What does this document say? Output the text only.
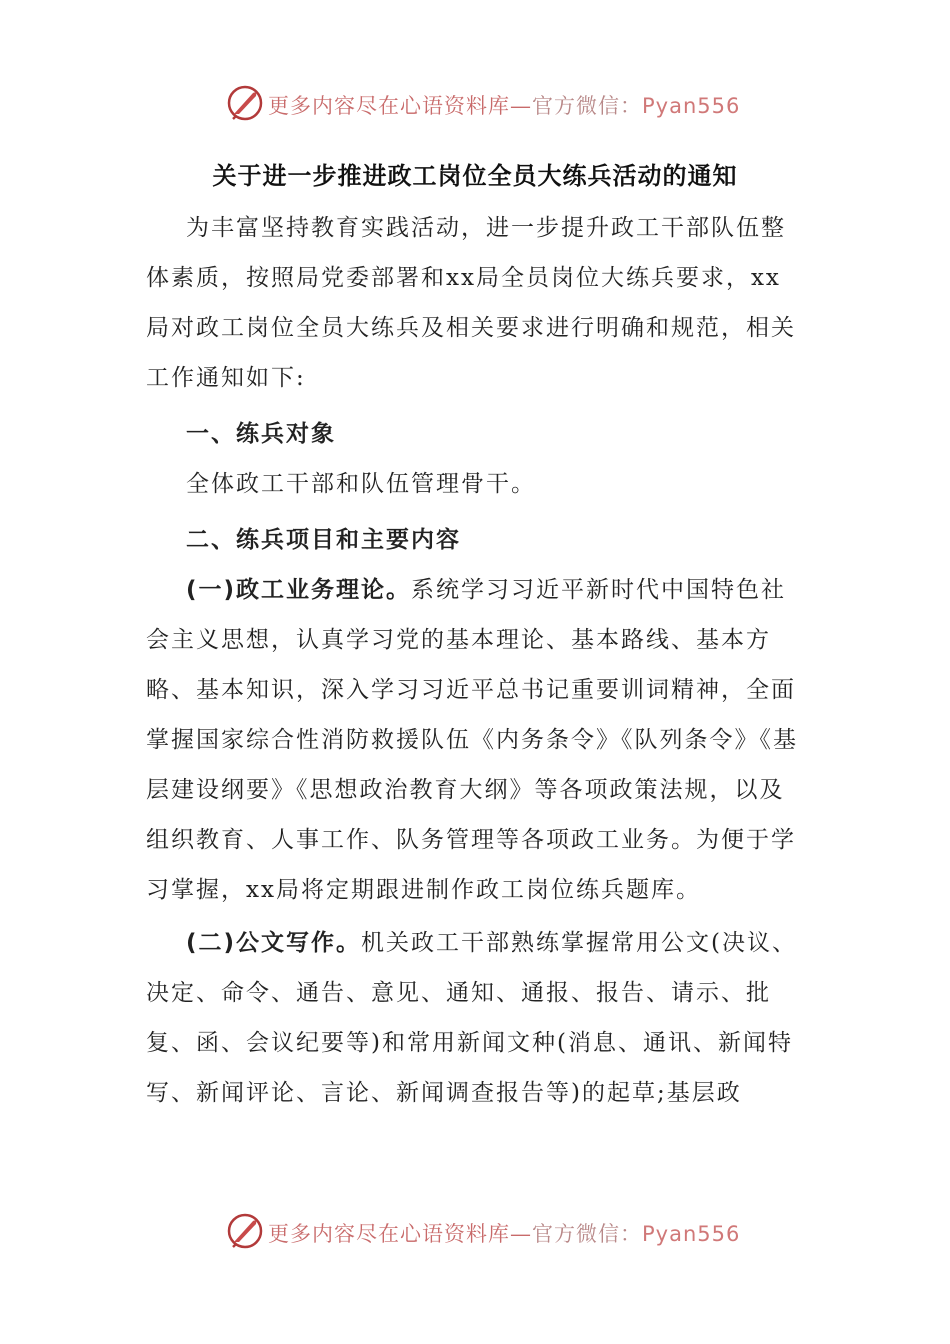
更多内容尽在心语资料库—官方微信：Pyan556
关于进一步推进政工岗位全员大练兵活动的通知

为丰富坚持教育实践活动，进一步提升政工干部队伍整体素质，按照局党委部署和xx局全员岗位大练兵要求，xx局对政工岗位全员大练兵及相关要求进行明确和规范，相关工作通知如下:

一、练兵对象

全体政工干部和队伍管理骨干。

二、练兵项目和主要内容

(一)政工业务理论。系统学习习近平新时代中国特色社会主义思想，认真学习党的基本理论、基本路线、基本方略、基本知识，深入学习习近平总书记重要训词精神，全面掌握国家综合性消防救援队伍《内务条令》《队列条令》《基层建设纲要》《思想政治教育大纲》等各项政策法规，以及组织教育、人事工作、队务管理等各项政工业务。为便于学习掌握，xx局将定期跟进制作政工岗位练兵题库。

(二)公文写作。机关政工干部熟练掌握常用公文(决议、决定、命令、通告、意见、通知、通报、报告、请示、批复、函、会议纪要等)和常用新闻文种(消息、通讯、新闻特写、新闻评论、言论、新闻调查报告等)的起草;基层政

更多内容尽在心语资料库—官方微信：Pyan556
